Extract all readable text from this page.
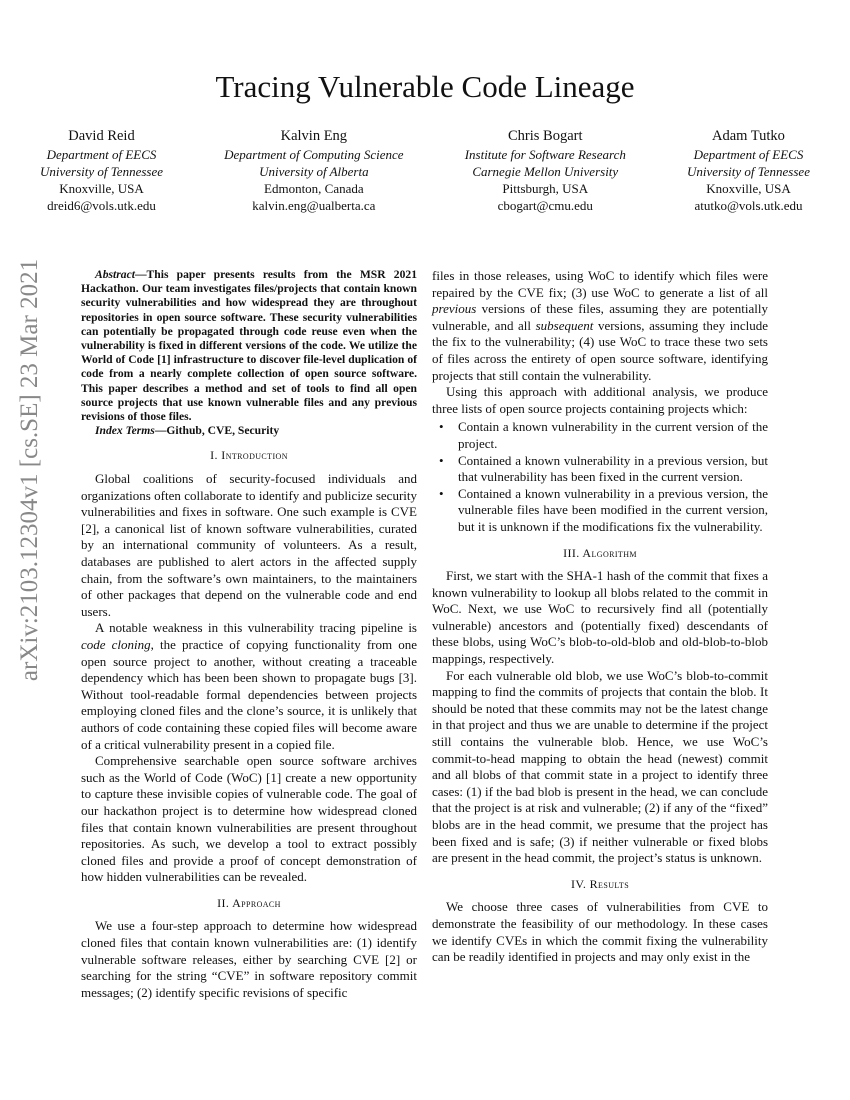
Tracing Vulnerable Code Lineage
David Reid
Department of EECS
University of Tennessee
Knoxville, USA
dreid6@vols.utk.edu
Kalvin Eng
Department of Computing Science
University of Alberta
Edmonton, Canada
kalvin.eng@ualberta.ca
Chris Bogart
Institute for Software Research
Carnegie Mellon University
Pittsburgh, USA
cbogart@cmu.edu
Adam Tutko
Department of EECS
University of Tennessee
Knoxville, USA
atutko@vols.utk.edu
arXiv:2103.12304v1 [cs.SE] 23 Mar 2021	Abstract—This paper presents results from the MSR 2021 Hackathon. Our team investigates files/projects that contain known security vulnerabilities and how widespread they are throughout repositories in open source software. These security vulnerabilities can potentially be propagated through code reuse even when the vulnerability is fixed in different versions of the code. We utilize the World of Code [1] infrastructure to discover file-level duplication of code from a nearly complete collection of open source software. This paper describes a method and set of tools to find all open source projects that use known vulnerable files and any previous revisions of those files.

Index Terms—Github, CVE, Security

I. Introduction

Global coalitions of security-focused individuals and organizations often collaborate to identify and publicize security vulnerabilities and fixes in software. One such example is CVE [2], a canonical list of known software vulnerabilities, curated by an international community of volunteers. As a result, databases are published to alert actors in the affected supply chain, from the software’s own maintainers, to the maintainers of other packages that depend on the vulnerable code and end users.

A notable weakness in this vulnerability tracing pipeline is code cloning, the practice of copying functionality from one open source project to another, without creating a traceable dependency which has been been shown to propagate bugs [3]. Without tool-readable formal dependencies between projects employing cloned files and the clone’s source, it is unlikely that authors of code containing these copied files will become aware of a critical vulnerability present in a copied file.

Comprehensive searchable open source software archives such as the World of Code (WoC) [1] create a new opportunity to capture these invisible copies of vulnerable code. The goal of our hackathon project is to determine how widespread cloned files that contain known vulnerabilities are present throughout repositories. As such, we develop a tool to extract possibly cloned files and provide a proof of concept demonstration of how hidden vulnerabilities can be revealed.

II. Approach

We use a four-step approach to determine how widespread cloned files that contain known vulnerabilities are: (1) identify vulnerable software releases, either by searching CVE [2] or searching for the string “CVE” in software repository commit messages; (2) identify specific revisions of specific

files in those releases, using WoC to identify which files were repaired by the CVE fix; (3) use WoC to generate a list of all previous versions of these files, assuming they are potentially vulnerable, and all subsequent versions, assuming they include the fix to the vulnerability; (4) use WoC to trace these two sets of files across the entirety of open source software, identifying projects that still contain the vulnerability.

Using this approach with additional analysis, we produce three lists of open source projects containing projects which:

• Contain a known vulnerability in the current version of the project.
• Contained a known vulnerability in a previous version, but that vulnerability has been fixed in the current version.
• Contained a known vulnerability in a previous version, the vulnerable files have been modified in the current version, but it is unknown if the modifications fix the vulnerability.
III. Algorithm

First, we start with the SHA-1 hash of the commit that fixes a known vulnerability to lookup all blobs related to the commit in WoC. Next, we use WoC to recursively find all (potentially vulnerable) ancestors and (potentially fixed) descendants of these blobs, using WoC’s blob-to-old-blob and old-blob-to-blob mappings, respectively.

For each vulnerable old blob, we use WoC’s blob-to-commit mapping to find the commits of projects that contain the blob. It should be noted that these commits may not be the latest change in that project and thus we are unable to determine if the project still contains the vulnerable blob. Hence, we use WoC’s commit-to-head mapping to obtain the head (newest) commit and all blobs of that commit state in a project to identify three cases: (1) if the bad blob is present in the head, we can conclude that the project is at risk and vulnerable; (2) if any of the “fixed” blobs are in the head commit, we presume that the project has been fixed and is safe; (3) if neither vulnerable or fixed blobs are present in the head commit, the project’s status is unknown.

IV. Results

We choose three cases of vulnerabilities from CVE to demonstrate the feasibility of our methodology. In these cases we identify CVEs in which the commit fixing the vulnerability can be readily identified in projects and may only exist in the
